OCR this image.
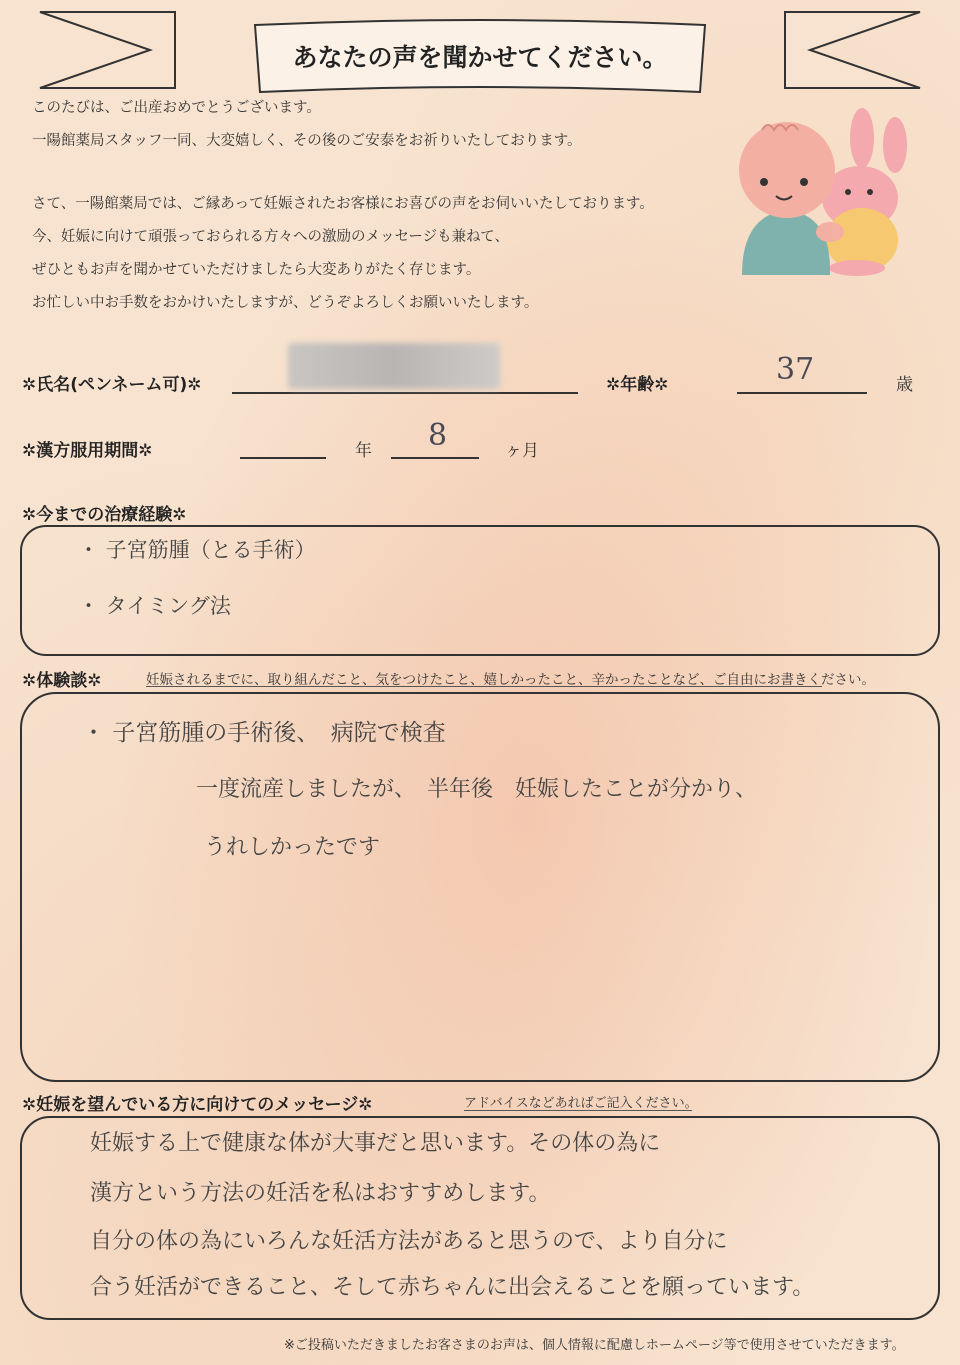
あなたの声を聞かせてください。

このたびは、ご出産おめでとうございます。

一陽館薬局スタッフ一同、大変嬉しく、その後のご安泰をお祈りいたしております。

さて、一陽館薬局では、ご縁あって妊娠されたお客様にお喜びの声をお伺いいたしております。

今、妊娠に向けて頑張っておられる方々への激励のメッセージも兼ねて、

ぜひともお声を聞かせていただけましたら大変ありがたく存じます。

お忙しい中お手数をおかけいたしますが、どうぞよろしくお願いいたします。

✲氏名(ペンネーム可)✲	✲年齢✲	37	歳
✲漢方服用期間✲	年 8	ヶ月
✲今までの治療経験✲
・ 子宮筋腫（とる手術）
・ タイミング法
✲体験談✲	妊娠されるまでに、取り組んだこと、気をつけたこと、嬉しかったこと、辛かったことなど、ご自由にお書きください。
・ 子宮筋腫の手術後、　病院で検査
一度流産しましたが、　半年後　妊娠したことが分かり、
うれしかったです
✲妊娠を望んでいる方に向けてのメッセージ✲	アドバイスなどあればご記入ください。
妊娠する上で健康な体が大事だと思います。その体の為に
漢方という方法の妊活を私はおすすめします。
自分の体の為にいろんな妊活方法があると思うので、より自分に
合う妊活ができること、そして赤ちゃんに出会えることを願っています。
※ご投稿いただきましたお客さまのお声は、個人情報に配慮しホームページ等で使用させていただきます。
